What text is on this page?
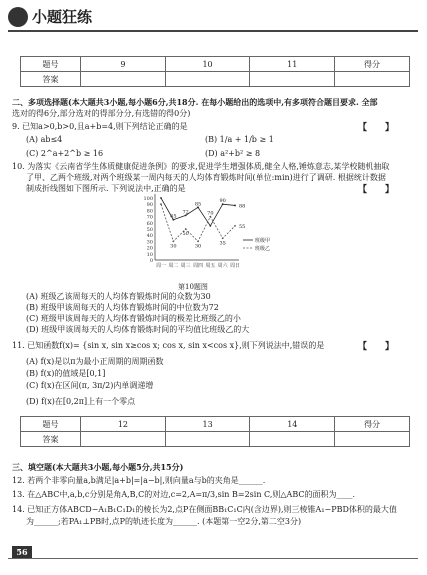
小题狂练
题号	9	10	11	得分
答案				
二、多项选择题(本大题共3小题,每小题6分,共18分. 在每小题给出的选项中,有多项符合题目要求. 全部
选对的得6分,部分选对的得部分分,有选错的得0分)
9. 已知a>0,b>0,且a+b=4,则下列结论正确的是	【　　】
(A) ab≤4	(B) 1/a + 1/b ≥ 1
(C) 2^a+2^b ≥ 16	(D) a²+b² ≥ 8
10. 为落实《云南省学生体质健康促进条例》的要求,促进学生增强体质,健全人格,锤炼意志,某学校随机抽取
了甲、乙两个班级,对两个班级某一周内每天的人均体育锻炼时间(单位:min)进行了调研. 根据统计数据
制成折线图如下图所示. 下列说法中,正确的是	【　　】
0
10
20
30
40
50
60
70
80
90
100
周一 周二 周三 周四 周五 周六 周日
65
72
85
90
88
55
30	30
35
50
70
班级甲
班级乙
第10题图
(A) 班级乙该周每天的人均体育锻炼时间的众数为30
(B) 班级甲该周每天的人均体育锻炼时间的中位数为72
(C) 班级甲该周每天的人均体育锻炼时间的极差比班级乙的小
(D) 班级甲该周每天的人均体育锻炼时间的平均值比班级乙的大
11. 已知函数f(x)= {sin x, sin x≥cos x; cos x, sin x<cos x},则下列说法中,错误的是	【　　】
(A) f(x)是以π为最小正周期的周期函数
(B) f(x)的值域是[0,1]
(C) f(x)在区间(π, 3π/2)内单调递增
(D) f(x)在[0,2π]上有一个零点
题号	12	13	14	得分
答案				
三、填空题(本大题共3小题,每小题5分,共15分)
12. 若两个非零向量a,b满足|a+b|=|a−b|,则向量a与b的夹角是______.
13. 在△ABC中,a,b,c分别是角A,B,C的对边,c=2,A=π/3,sin B=2sin C,则△ABC的面积为____.
14. 已知正方体ABCD−A₁B₁C₁D₁的棱长为2,点P在侧面BB₁C₁C内(含边界),则三棱锥A₁−PBD体积的最大值
为______;若PA₁⊥PB时,点P的轨迹长度为______. (本题第一空2分,第二空3分)
56
